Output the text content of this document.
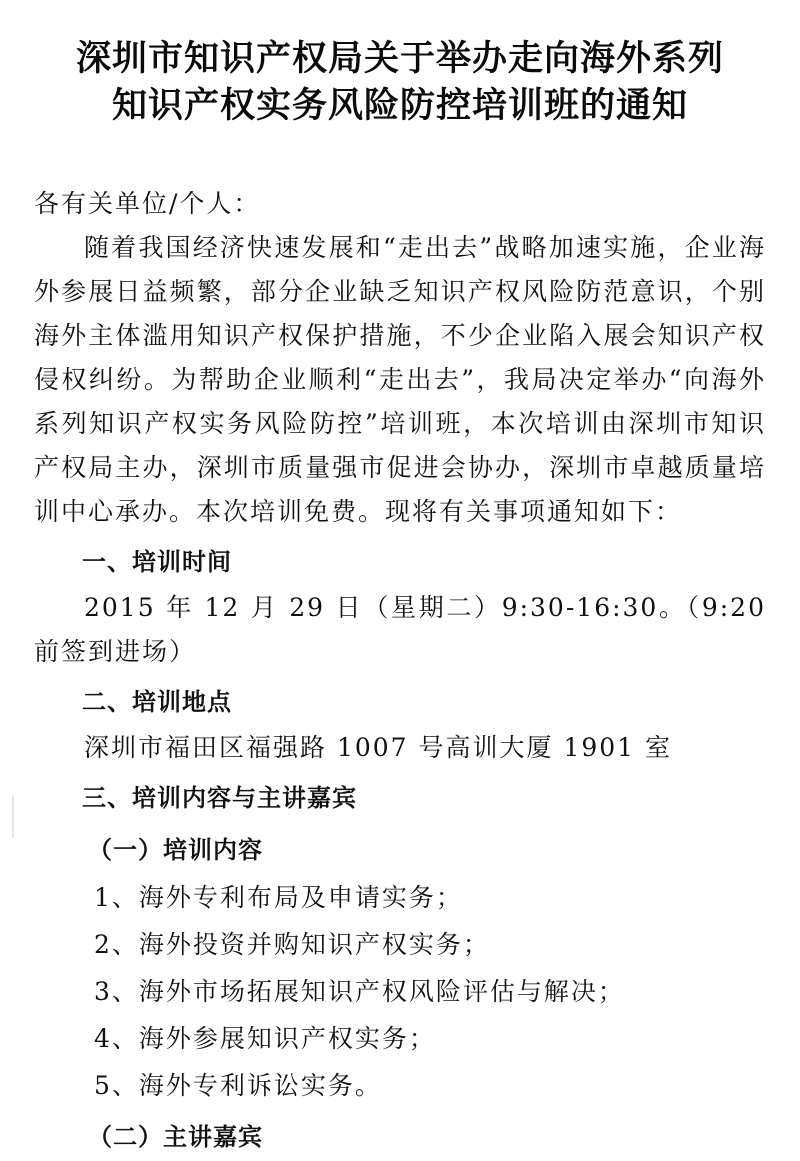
深圳市知识产权局关于举办走向海外系列
知识产权实务风险防控培训班的通知

各有关单位/个人：

随着我国经济快速发展和“走出去”战略加速实施，企业海外参展日益频繁，部分企业缺乏知识产权风险防范意识，个别海外主体滥用知识产权保护措施，不少企业陷入展会知识产权侵权纠纷。为帮助企业顺利“走出去”，我局决定举办“向海外系列知识产权实务风险防控”培训班，本次培训由深圳市知识产权局主办，深圳市质量强市促进会协办，深圳市卓越质量培训中心承办。本次培训免费。现将有关事项通知如下：

一、培训时间

2015 年 12 月 29 日（星期二）9:30-16:30。（9:20 前签到进场）

二、培训地点

深圳市福田区福强路 1007 号高训大厦 1901 室

三、培训内容与主讲嘉宾
（一）培训内容
1、海外专利布局及申请实务；
2、海外投资并购知识产权实务；
3、海外市场拓展知识产权风险评估与解决；
4、海外参展知识产权实务；
5、海外专利诉讼实务。
（二）主讲嘉宾
